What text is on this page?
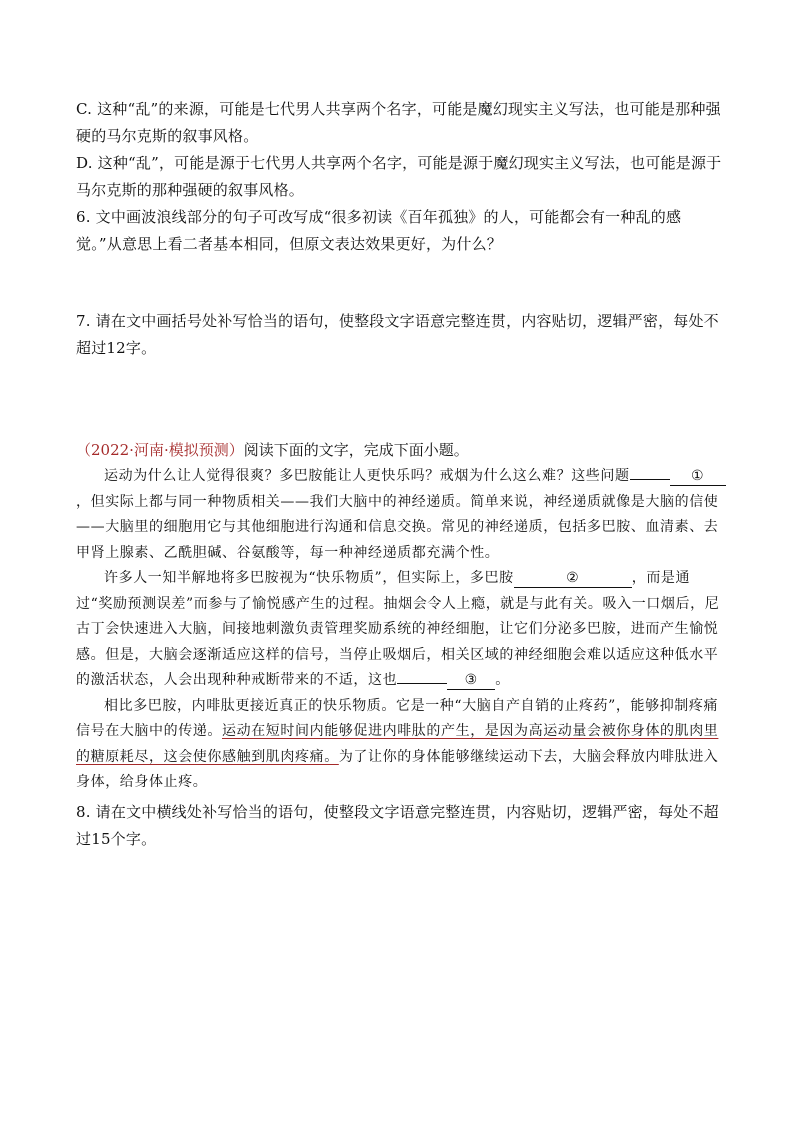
C. 这种“乱”的来源，可能是七代男人共享两个名字，可能是魔幻现实主义写法，也可能是那种强硬的马尔克斯的叙事风格。

D. 这种“乱”，可能是源于七代男人共享两个名字，可能是源于魔幻现实主义写法，也可能是源于马尔克斯的那种强硬的叙事风格。

6. 文中画波浪线部分的句子可改写成“很多初读《百年孤独》的人，可能都会有一种乱的感觉。”从意思上看二者基本相同，但原文表达效果更好，为什么？

7. 请在文中画括号处补写恰当的语句，使整段文字语意完整连贯，内容贴切，逻辑严密，每处不超过12字。

（2022·河南·模拟预测）阅读下面的文字，完成下面小题。

运动为什么让人觉得很爽？多巴胺能让人更快乐吗？戒烟为什么这么难？这些问题	①，但实际上都与同一种物质相关——我们大脑中的神经递质。简单来说，神经递质就像是大脑的信使——大脑里的细胞用它与其他细胞进行沟通和信息交换。常见的神经递质，包括多巴胺、血清素、去甲肾上腺素、乙酰胆碱、谷氨酸等，每一种神经递质都充满个性。

许多人一知半解地将多巴胺视为“快乐物质”，但实际上，多巴胺	②	，而是通过“奖励预测误差”而参与了愉悦感产生的过程。抽烟会令人上瘾，就是与此有关。吸入一口烟后，尼古丁会快速进入大脑，间接地刺激负责管理奖励系统的神经细胞，让它们分泌多巴胺，进而产生愉悦感。但是，大脑会逐渐适应这样的信号，当停止吸烟后，相关区域的神经细胞会难以适应这种低水平的激活状态，人会出现种种戒断带来的不适，这也	③ 。

相比多巴胺，内啡肽更接近真正的快乐物质。它是一种“大脑自产自销的止疼药”，能够抑制疼痛信号在大脑中的传递。运动在短时间内能够促进内啡肽的产生，是因为高运动量会被你身体的肌肉里的糖原耗尽，这会使你感触到肌肉疼痛。为了让你的身体能够继续运动下去，大脑会释放内啡肽进入身体，给身体止疼。

8. 请在文中横线处补写恰当的语句，使整段文字语意完整连贯，内容贴切，逻辑严密，每处不超过15个字。
